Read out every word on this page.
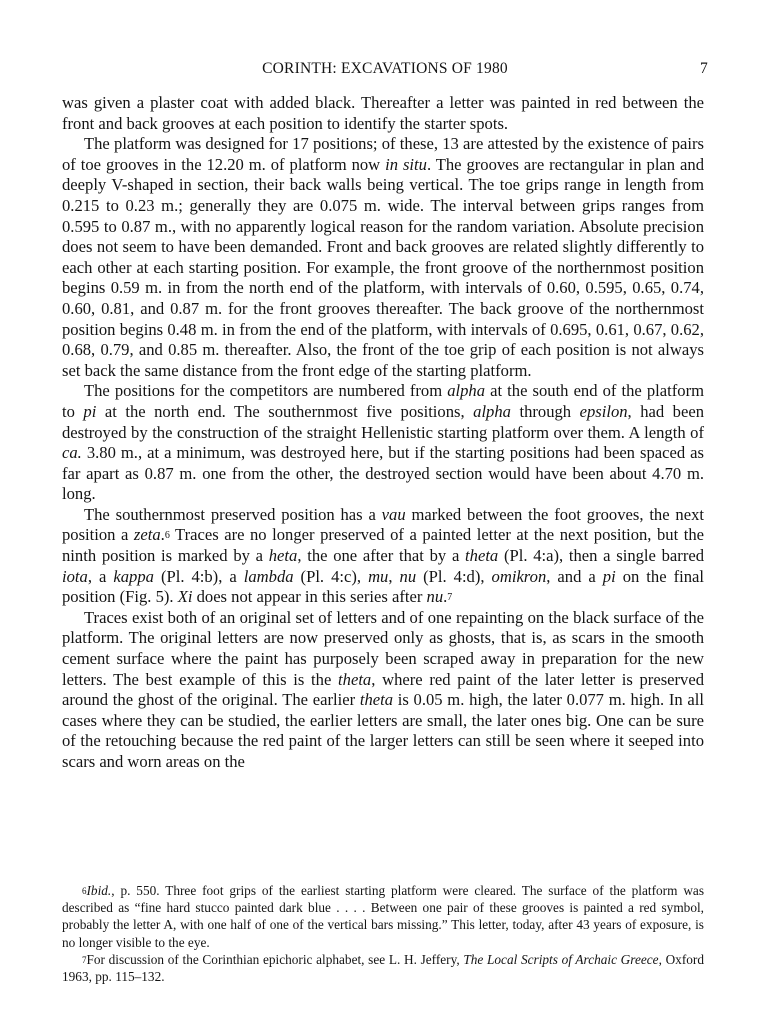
CORINTH: EXCAVATIONS OF 1980	7

was given a plaster coat with added black. Thereafter a letter was painted in red between the front and back grooves at each position to identify the starter spots.

The platform was designed for 17 positions; of these, 13 are attested by the existence of pairs of toe grooves in the 12.20 m. of platform now in situ. The grooves are rectangular in plan and deeply V-shaped in section, their back walls being vertical. The toe grips range in length from 0.215 to 0.23 m.; generally they are 0.075 m. wide. The interval between grips ranges from 0.595 to 0.87 m., with no apparently logical reason for the random variation. Absolute precision does not seem to have been demanded. Front and back grooves are related slightly differently to each other at each starting position. For example, the front groove of the northernmost position begins 0.59 m. in from the north end of the platform, with intervals of 0.60, 0.595, 0.65, 0.74, 0.60, 0.81, and 0.87 m. for the front grooves thereafter. The back groove of the northernmost position begins 0.48 m. in from the end of the platform, with intervals of 0.695, 0.61, 0.67, 0.62, 0.68, 0.79, and 0.85 m. thereafter. Also, the front of the toe grip of each position is not always set back the same distance from the front edge of the starting platform.

The positions for the competitors are numbered from alpha at the south end of the platform to pi at the north end. The southernmost five positions, alpha through epsilon, had been destroyed by the construction of the straight Hellenistic starting platform over them. A length of ca. 3.80 m., at a minimum, was destroyed here, but if the starting positions had been spaced as far apart as 0.87 m. one from the other, the destroyed section would have been about 4.70 m. long.

The southernmost preserved position has a vau marked between the foot grooves, the next position a zeta.$^6$ Traces are no longer preserved of a painted letter at the next position, but the ninth position is marked by a heta, the one after that by a theta (Pl. 4:a), then a single barred iota, a kappa (Pl. 4:b), a lambda (Pl. 4:c), mu, nu (Pl. 4:d), omikron, and a pi on the final position (Fig. 5). Xi does not appear in this series after nu.$^7$

Traces exist both of an original set of letters and of one repainting on the black surface of the platform. The original letters are now preserved only as ghosts, that is, as scars in the smooth cement surface where the paint has purposely been scraped away in preparation for the new letters. The best example of this is the theta, where red paint of the later letter is preserved around the ghost of the original. The earlier theta is 0.05 m. high, the later 0.077 m. high. In all cases where they can be studied, the earlier letters are small, the later ones big. One can be sure of the retouching because the red paint of the larger letters can still be seen where it seeped into scars and worn areas on the

$^6$Ibid., p. 550. Three foot grips of the earliest starting platform were cleared. The surface of the platform was described as “fine hard stucco painted dark blue . . . . Between one pair of these grooves is painted a red symbol, probably the letter A, with one half of one of the vertical bars missing.” This letter, today, after 43 years of exposure, is no longer visible to the eye.

$^7$For discussion of the Corinthian epichoric alphabet, see L. H. Jeffery, The Local Scripts of Archaic Greece, Oxford 1963, pp. 115–132.
